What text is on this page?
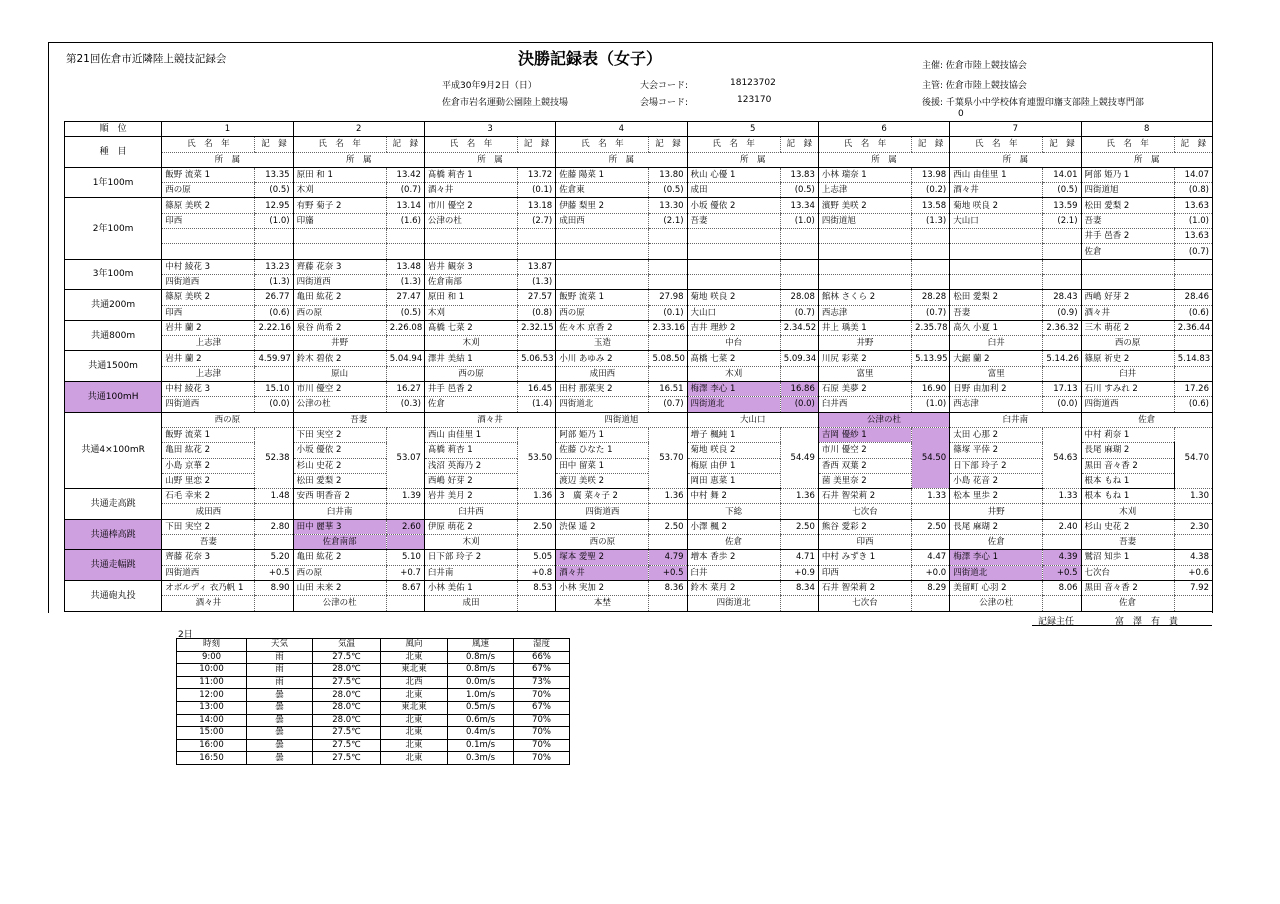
第21回佐倉市近隣陸上競技記録会	決勝記録表（女子）
平成30年9月2日（日）
佐倉市岩名運動公園陸上競技場
大会コード:	18123702
会場コード:	123170
主催: 佐倉市陸上競技協会
主管: 佐倉市陸上競技協会
後援: 千葉県小中学校体育連盟印旛支部陸上競技専門部
0
順　位	1		2		3		4		5		6		7		8	
種　目	氏　名　年	記　録	氏　名　年	記　録	氏　名　年	記　録	氏　名　年	記　録	氏　名　年	記　録	氏　名　年	記　録	氏　名　年	記　録	氏　名　年	記　録
	所　属		所　属		所　属		所　属		所　属		所　属		所　属		所　属	
1年100m	飯野 流菜 1	13.35	原田 和 1	13.42	髙橋 莉杏 1	13.72	佐藤 陽菜 1	13.80	秋山 心優 1	13.83	小林 瑞奈 1	13.98	西山 由佳里 1	14.01	阿部 姫乃 1	14.07
	西の原	(0.5)	木刈	(0.7)	酒々井	(0.1)	佐倉東	(0.5)	成田	(0.5)	上志津	(0.2)	酒々井	(0.5)	四街道旭	(0.8)
2年100m	篠原 美咲 2	12.95	有野 菊子 2	13.14	市川 優空 2	13.18	伊藤 梨里 2	13.30	小坂 優依 2	13.34	濱野 美咲 2	13.58	菊地 咲良 2	13.59	松田 愛梨 2	13.63
	印西	(1.0)	印旛	(1.6)	公津の杜	(2.7)	成田西	(2.1)	吾妻	(1.0)	四街道旭	(1.3)	大山口	(2.1)	吾妻	(1.0)
															井手 邑香 2	13.63
															佐倉	(0.7)
3年100m	中村 綾花 3	13.23	齊藤 花奈 3	13.48	岩井 観奈 3	13.87										
	四街道西	(1.3)	四街道西	(1.3)	佐倉南部	(1.3)										
共通200m	篠原 美咲 2	26.77	亀田 紘花 2	27.47	原田 和 1	27.57	飯野 流菜 1	27.98	菊地 咲良 2	28.08	館林 さくら 2	28.28	松田 愛梨 2	28.43	西嶋 好芽 2	28.46
	印西	(0.6)	西の原	(0.5)	木刈	(0.8)	西の原	(0.1)	大山口	(0.7)	西志津	(0.7)	吾妻	(0.9)	酒々井	(0.6)
共通800m	岩井 蘭 2	2.22.16	泉谷 尚希 2	2.26.08	髙橋 七菜 2	2.32.15	佐々木 京香 2	2.33.16	吉井 理紗 2	2.34.52	井上 瑀美 1	2.35.78	髙久 小夏 1	2.36.32	三木 萌花 2	2.36.44
	上志津		井野		木刈		玉造		中台		井野		臼井		西の原	
共通1500m	岩井 蘭 2	4.59.97	鈴木 碧依 2	5.04.94	澤井 美結 1	5.06.53	小川 あゆみ 2	5.08.50	髙橋 七菜 2	5.09.34	川尻 彩菜 2	5.13.95	大鋸 蘭 2	5.14.26	篠原 祈史 2	5.14.83
	上志津		原山		西の原		成田西		木刈		富里		富里		臼井	
共通100mH	中村 綾花 3	15.10	市川 優空 2	16.27	井手 邑香 2	16.45	田村 那菜実 2	16.51	梅澤 李心 1	16.86	石原 美夢 2	16.90	日野 由加利 2	17.13	石川 すみれ 2	17.26
	四街道西	(0.0)	公津の杜	(0.3)	佐倉	(1.4)	四街道北	(0.7)	四街道北	(0.0)	臼井西	(1.0)	西志津	(0.0)	四街道西	(0.6)
共通4×100mR	西の原		吾妻		酒々井		四街道旭		大山口		公津の杜		臼井南		佐倉	
	飯野 流菜 1	52.38	下田 実空 2	53.07	西山 由佳里 1	53.50	阿部 姫乃 1	53.70	増子 楓純 1	54.49	吉岡 優紗 1	54.50	太田 心那 2	54.63	中村 莉奈 1	54.70
	亀田 紘花 2		小坂 優依 2		髙橋 莉杏 1		佐藤 ひなた 1		菊地 咲良 2		市川 優空 2		篠塚 平倖 2		長尾 麻瑚 2	
	小島 京華 2		杉山 史花 2		浅沼 英海乃 2		田中 留菜 1		梅原 由伊 1		香西 双葉 2		日下部 玲子 2		黒田 音々香 2	
	山野 里恋 2		松田 愛梨 2		西嶋 好芽 2		渡辺 美咲 2		岡田 恵菜 1		菌 美里奈 2		小島 花音 2		根本 もね 1	
共通走高跳	石毛 幸来 2	1.48	安西 明香音 2	1.39	岩井 美月 2	1.36	3　廣 菜々子 2	1.36	中村 舞 2	1.36	石井 智栄莉 2	1.33	松本 里歩 2	1.33	根本 もね 1	1.30
	成田西		臼井南		臼井西		四街道西		下総		七次台		井野		木刈	
共通棒高跳	下田 実空 2	2.80	田中 麗華 3	2.60	伊原 萌花 2	2.50	渋保 遥 2	2.50	小澤 楓 2	2.50	熊谷 愛彩 2	2.50	長尾 麻瑚 2	2.40	杉山 史花 2	2.30
	吾妻		佐倉南部		木刈		西の原		佐倉		印西		佐倉		吾妻	
共通走幅跳	齊藤 花奈 3	5.20	亀田 紘花 2	5.10	日下部 玲子 2	5.05	塚本 愛聖 2	4.79	増本 香歩 2	4.71	中村 みずき 1	4.47	梅澤 李心 1	4.39	鷲沼 知歩 1	4.38
	四街道西	+0.5	西の原	+0.7	臼井南	+0.8	酒々井	+0.5	臼井	+0.9	印西	+0.0	四街道北	+0.5	七次台	+0.6
共通砲丸投	オボルディ 衣乃帆 1	8.90	山田 未来 2	8.67	小林 美佑 1	8.53	小林 実加 2	8.36	鈴木 菜月 2	8.34	石井 智栄莉 2	8.29	美留町 心羽 2	8.06	黒田 音々香 2	7.92
	酒々井		公津の杜		成田		本埜		四街道北		七次台		公津の杜		佐倉	
記録主任	富　澤　有　貴
2日
時刻	天気	気温	風向	風速	湿度
9:00	雨	27.5℃	北東	0.8m/s	66%
10:00	雨	28.0℃	東北東	0.8m/s	67%
11:00	雨	27.5℃	北西	0.0m/s	73%
12:00	曇	28.0℃	北東	1.0m/s	70%
13:00	曇	28.0℃	東北東	0.5m/s	67%
14:00	曇	28.0℃	北東	0.6m/s	70%
15:00	曇	27.5℃	北東	0.4m/s	70%
16:00	曇	27.5℃	北東	0.1m/s	70%
16:50	曇	27.5℃	北東	0.3m/s	70%
